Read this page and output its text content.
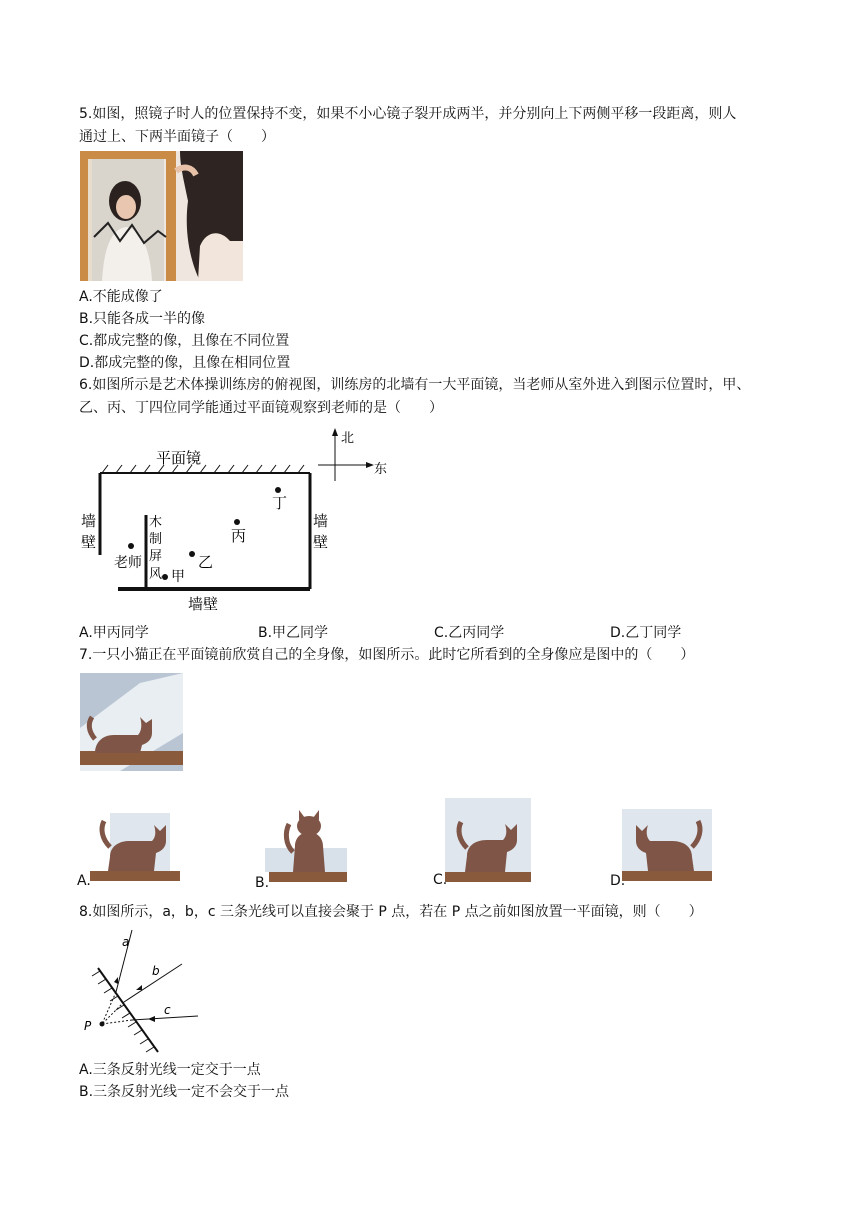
5.如图，照镜子时人的位置保持不变，如果不小心镜子裂开成两半，并分别向上下两侧平移一段距离，则人
通过上、下两半面镜子（　　）
A.不能成像了
B.只能各成一半的像
C.都成完整的像，且像在不同位置
D.都成完整的像，且像在相同位置
6.如图所示是艺术体操训练房的俯视图，训练房的北墙有一大平面镜，当老师从室外进入到图示位置时，甲、
乙、丙、丁四位同学能通过平面镜观察到老师的是（　　）
平面镜
北
东
墙
壁
墙
壁
墙壁
木
制
屏
风
老师
甲
乙
丙
丁
A.甲丙同学	B.甲乙同学	C.乙丙同学	D.乙丁同学
7.一只小猫正在平面镜前欣赏自己的全身像，如图所示。此时它所看到的全身像应是图中的（　　）
A.	B.	C.	D.
8.如图所示，a，b，c 三条光线可以直接会聚于 P 点，若在 P 点之前如图放置一平面镜，则（　　）
a
b
c
P
A.三条反射光线一定交于一点
B.三条反射光线一定不会交于一点
